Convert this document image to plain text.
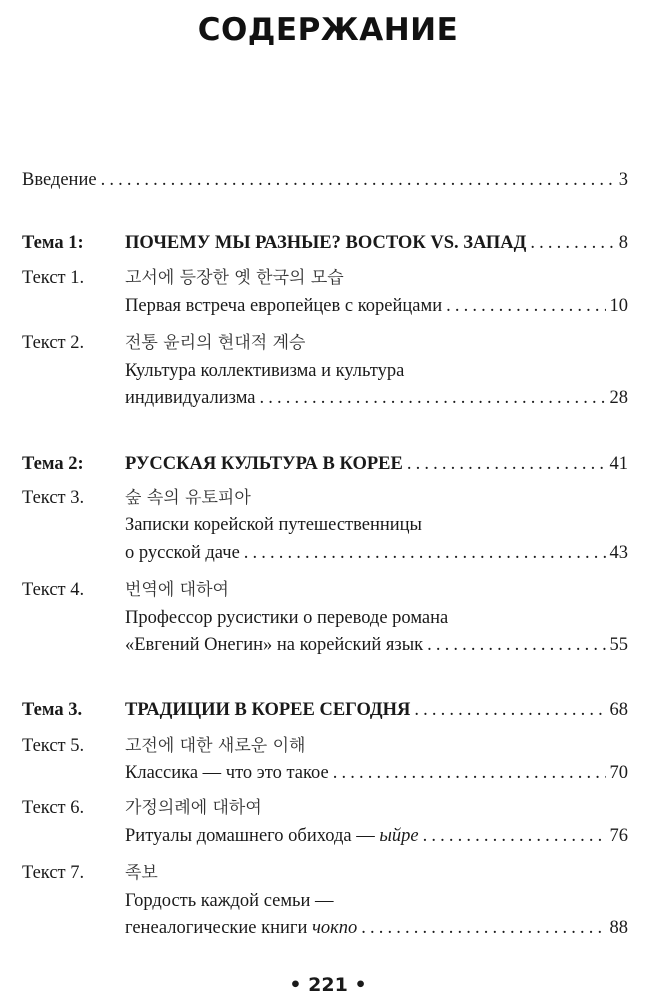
СОДЕРЖАНИЕ
Введение . . .	3
Тема 1: ПОЧЕМУ МЫ РАЗНЫЕ? ВОСТОК VS. ЗАПАД . . .	8
Текст 1. 고서에 등장한 옛 한국의 모습
Первая встреча европейцев с корейцами . . .	10
Текст 2. 전통 윤리의 현대적 계승
Культура коллективизма и культура
индивидуализма . . .	28
Тема 2: РУССКАЯ КУЛЬТУРА В КОРЕЕ . . .	41
Текст 3. 숲 속의 유토피아
Записки корейской путешественницы
о русской даче . . .	43
Текст 4. 번역에 대하여
Профессор русистики о переводе романа
«Евгений Онегин» на корейский язык . . .	55
Тема 3. ТРАДИЦИИ В КОРЕЕ СЕГОДНЯ . . .	68
Текст 5. 고전에 대한 새로운 이해
Классика — что это такое . . .	70
Текст 6. 가정의례에 대하여
Ритуалы домашнего обихода — ыйре . . .	76
Текст 7. 족보
Гордость каждой семьи —
генеалогические книги чокпо . . .	88
• 221 •
